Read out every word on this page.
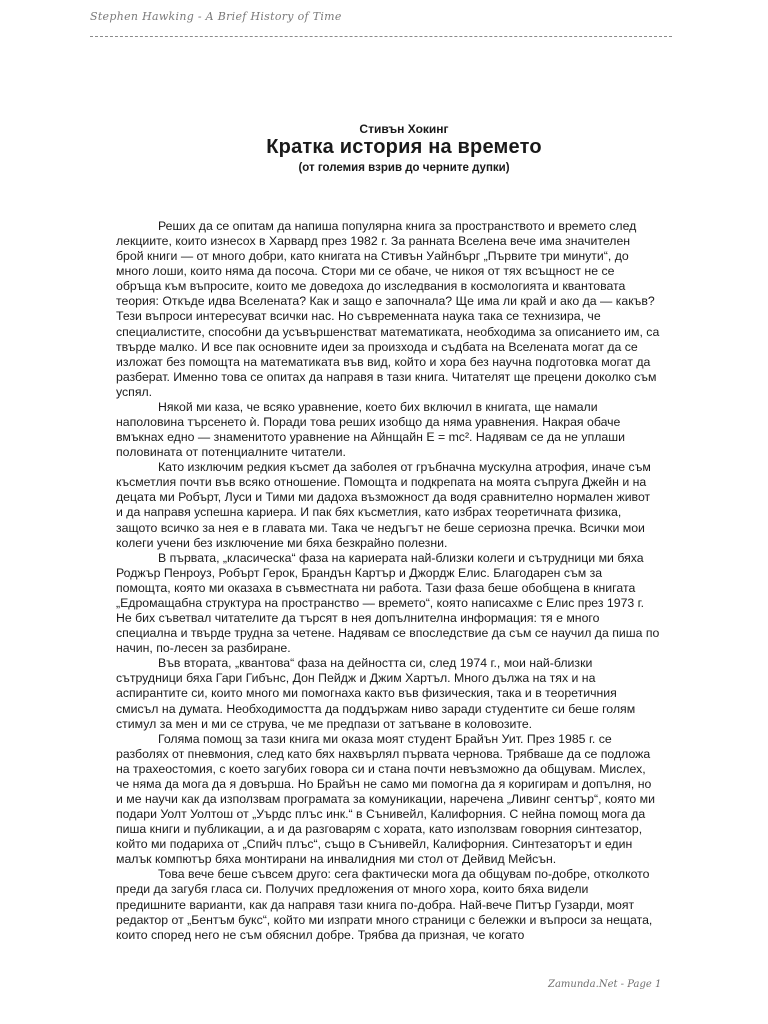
Stephen Hawking - A Brief History of Time
Стивън Хокинг
Кратка история на времето
(от големия взрив до черните дупки)

Реших да се опитам да напиша популярна книга за пространството и времето след лекциите, които изнесох в Харвард през 1982 г. За ранната Вселена вече има значителен брой книги — от много добри, като книгата на Стивън Уайнбърг „Първите три минути“, до много лоши, които няма да посоча. Стори ми се обаче, че никоя от тях всъщност не се обръща към въпросите, които ме доведоха до изследвания в космологията и квантовата теория: Откъде идва Вселената? Как и защо е започнала? Ще има ли край и ако да — какъв? Тези въпроси интересуват всички нас. Но съвременната наука така се технизира, че специалистите, способни да усъвършенстват математиката, необходима за описанието им, са твърде малко. И все пак основните идеи за произхода и съдбата на Вселената могат да се изложат без помощта на математиката във вид, който и хора без научна подготовка могат да разберат. Именно това се опитах да направя в тази книга. Читателят ще прецени доколко съм успял.

Някой ми каза, че всяко уравнение, което бих включил в книгата, ще намали наполовина търсенето ѝ. Поради това реших изобщо да няма уравнения. Накрая обаче вмъкнах едно — знаменитото уравнение на Айнщайн E = mc². Надявам се да не уплаши половината от потенциалните читатели.

Като изключим редкия късмет да заболея от гръбначна мускулна атрофия, иначе съм късметлия почти във всяко отношение. Помощта и подкрепата на моята съпруга Джейн и на децата ми Робърт, Луси и Тими ми дадоха възможност да водя сравнително нормален живот и да направя успешна кариера. И пак бях късметлия, като избрах теоретичната физика, защото всичко за нея е в главата ми. Така че недъгът не беше сериозна пречка. Всички мои колеги учени без изключение ми бяха безкрайно полезни.

В първата, „класическа“ фаза на кариерата най-близки колеги и сътрудници ми бяха Роджър Пенроуз, Робърт Герок, Брандън Картър и Джордж Елис. Благодарен съм за помощта, която ми оказаха в съвместната ни работа. Тази фаза беше обобщена в книгата „Едромащабна структура на пространство — времето“, която написахме с Елис през 1973 г. Не бих съветвал читателите да търсят в нея допълнителна информация: тя е много специална и твърде трудна за четене. Надявам се впоследствие да съм се научил да пиша по начин, по-лесен за разбиране.

Във втората, „квантова“ фаза на дейността си, след 1974 г., мои най-близки сътрудници бяха Гари Гибънс, Дон Пейдж и Джим Хартъл. Много дължа на тях и на аспирантите си, които много ми помогнаха както във физическия, така и в теоретичния смисъл на думата. Необходимостта да поддържам ниво заради студентите си беше голям стимул за мен и ми се струва, че ме предпази от затъване в коловозите.

Голяма помощ за тази книга ми оказа моят студент Брайън Уит. През 1985 г. се разболях от пневмония, след като бях нахвърлял първата чернова. Трябваше да се подложа на трахеостомия, с което загубих говора си и стана почти невъзможно да общувам. Мислех, че няма да мога да я довърша. Но Брайън не само ми помогна да я коригирам и допълня, но и ме научи как да използвам програмата за комуникации, наречена „Ливинг сентър“, която ми подари Уолт Уолтош от „Уърдс плъс инк.“ в Сънивейл, Калифорния. С нейна помощ мога да пиша книги и публикации, а и да разговарям с хората, като използвам говорния синтезатор, който ми подарихa от „Спийч плъс“, също в Сънивейл, Калифорния. Синтезаторът и един малък компютър бяха монтирани на инвалидния ми стол от Дейвид Мейсън.

Това вече беше съвсем друго: сега фактически мога да общувам по-добре, отколкото преди да загубя гласа си. Получих предложения от много хора, които бяха видели предишните варианти, как да направя тази книга по-добра. Най-вече Питър Гузарди, моят редактор от „Бентъм букс“, който ми изпрати много страници с бележки и въпроси за нещата, които според него не съм обяснил добре. Трябва да призная, че когато

Zamunda.Net - Page 1
